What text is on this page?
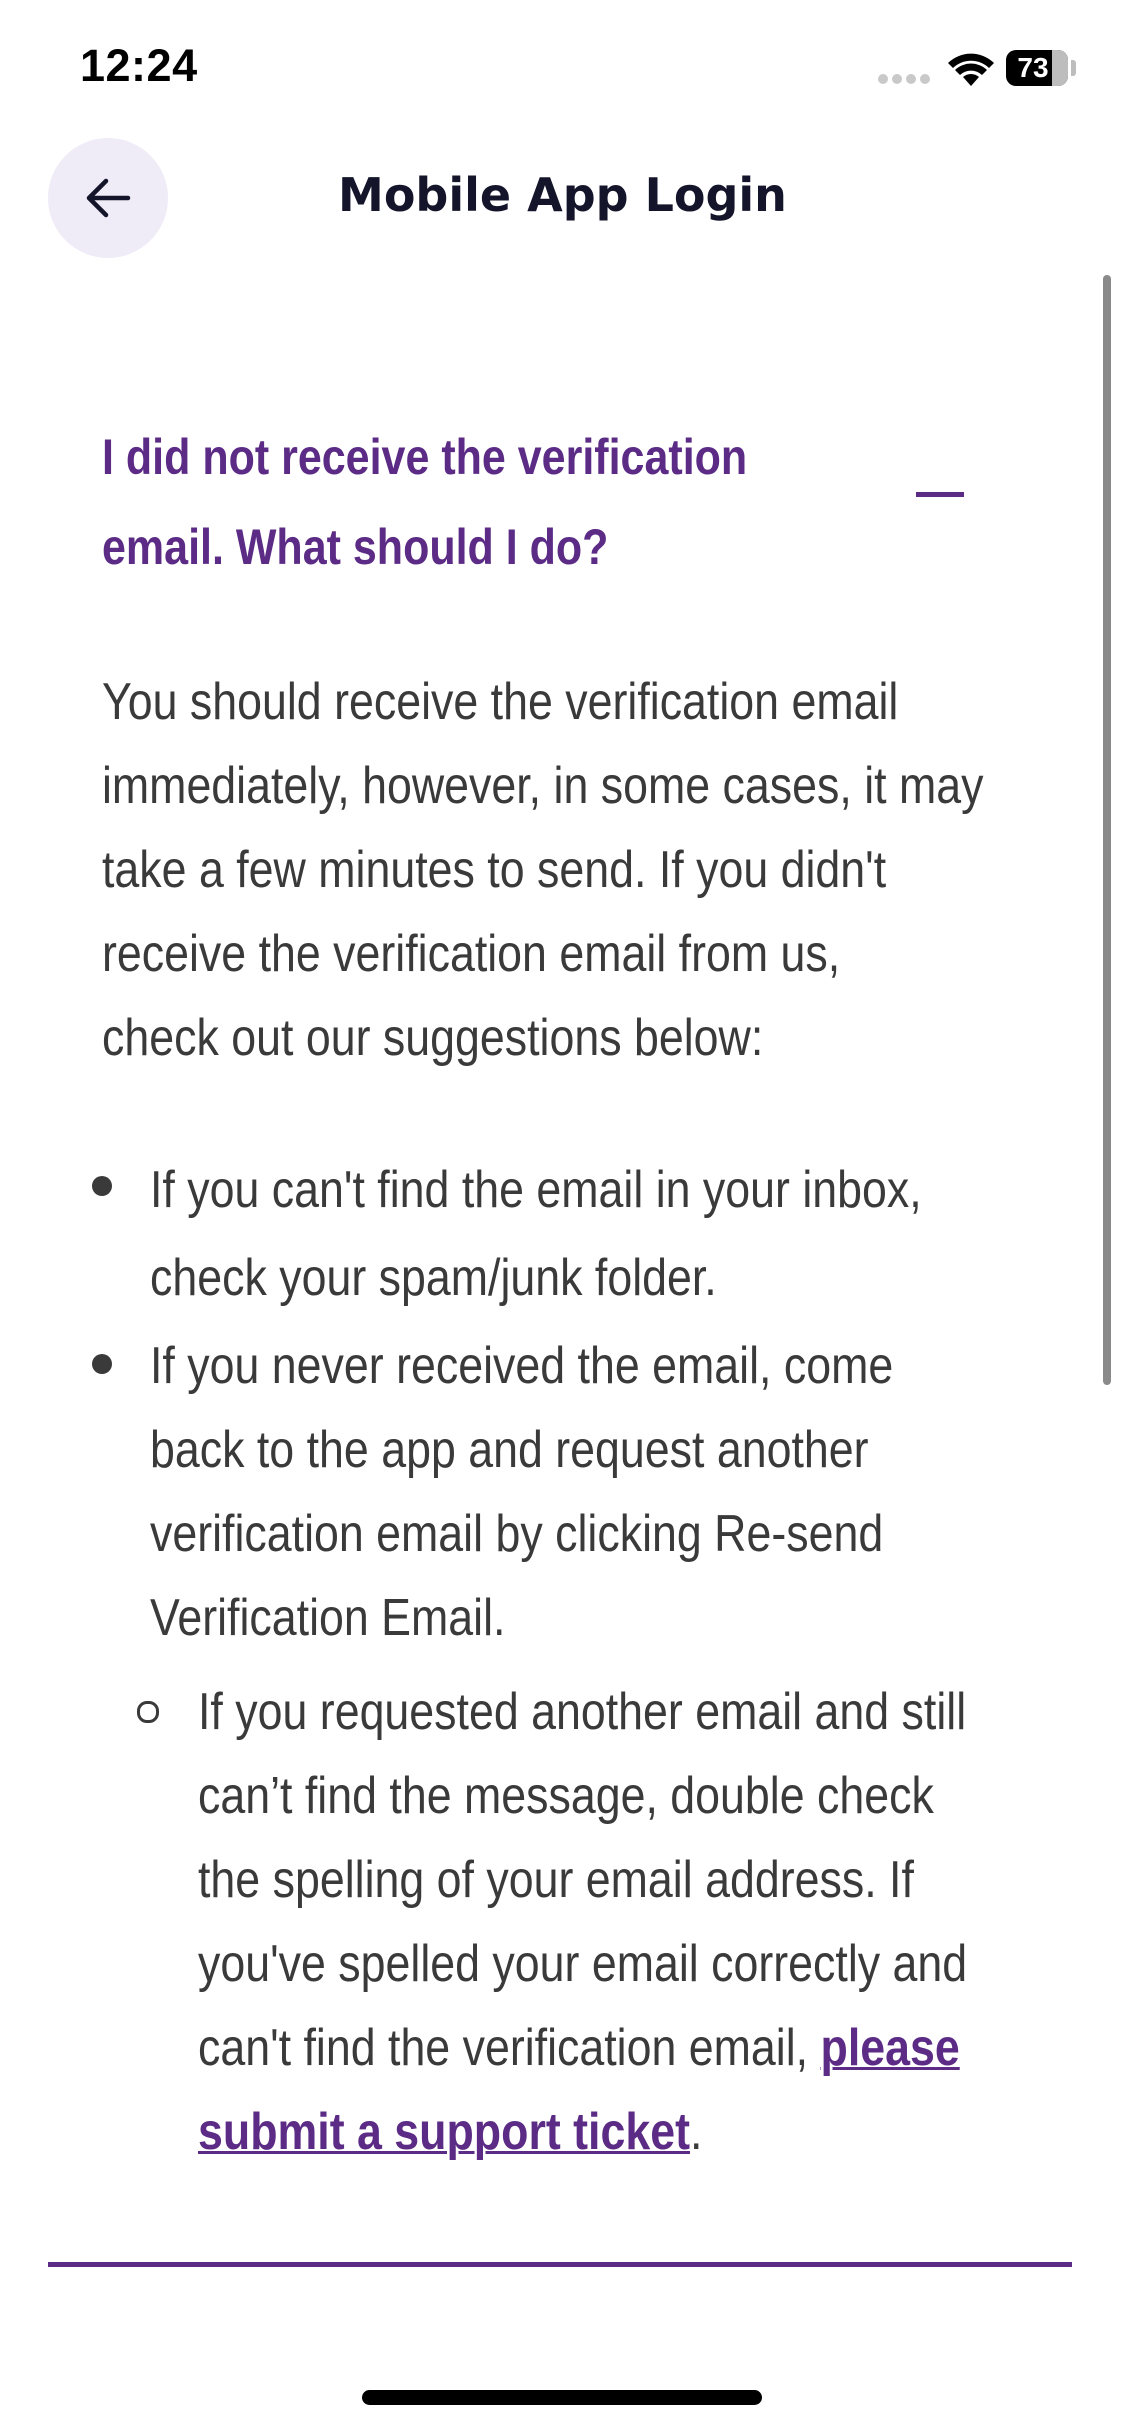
12:24	73
Mobile App Login
I did not receive the verification
email. What should I do?

You should receive the verification email
immediately, however, in some cases, it may
take a few minutes to send. If you didn't
receive the verification email from us,
check out our suggestions below:

If you can't find the email in your inbox,
check your spam/junk folder.

If you never received the email, come
back to the app and request another
verification email by clicking Re-send
Verification Email.

If you requested another email and still
can’t find the message, double check
the spelling of your email address. If
you've spelled your email correctly and
can't find the verification email, please
submit a support ticket.
